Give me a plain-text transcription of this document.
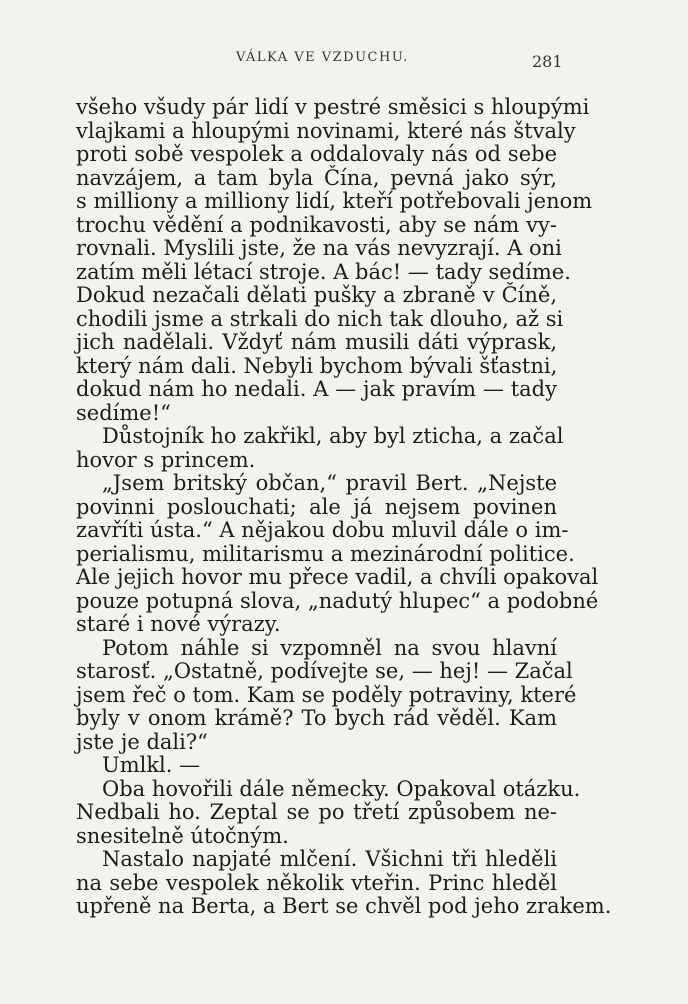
VÁLKA VE VZDUCHU.	281
všeho všudy pár lidí v pestré směsici s hloupými
vlajkami a hloupými novinami, které nás štvaly
proti sobě vespolek a oddalovaly nás od sebe
navzájem, a tam byla Čína, pevná jako sýr,
s milliony a milliony lidí, kteří potřebovali jenom
trochu vědění a podnikavosti, aby se nám vy-
rovnali. Myslili jste, že na vás nevyzrají. A oni
zatím měli létací stroje. A bác! — tady sedíme.
Dokud nezačali dělati pušky a zbraně v Číně,
chodili jsme a strkali do nich tak dlouho, až si
jich nadělali. Vždyť nám musili dáti výprask,
který nám dali. Nebyli bychom bývali šťastni,
dokud nám ho nedali. A — jak pravím — tady
sedíme!“
Důstojník ho zakřikl, aby byl zticha, a začal
hovor s princem.
„Jsem britský občan,“ pravil Bert. „Nejste
povinni poslouchati; ale já nejsem povinen
zavříti ústa.“ A nějakou dobu mluvil dále o im-
perialismu, militarismu a mezinárodní politice.
Ale jejich hovor mu přece vadil, a chvíli opakoval
pouze potupná slova, „nadutý hlupec“ a podobné
staré i nové výrazy.
Potom náhle si vzpomněl na svou hlavní
starosť. „Ostatně, podívejte se, — hej! — Začal
jsem řeč o tom. Kam se poděly potraviny, které
byly v onom krámě? To bych rád věděl. Kam
jste je dali?“
Umlkl. —
Oba hovořili dále německy. Opakoval otázku.
Nedbali ho. Zeptal se po třetí způsobem ne-
snesitelně útočným.
Nastalo napjaté mlčení. Všichni tři hleděli
na sebe vespolek několik vteřin. Princ hleděl
upřeně na Berta, a Bert se chvěl pod jeho zrakem.
